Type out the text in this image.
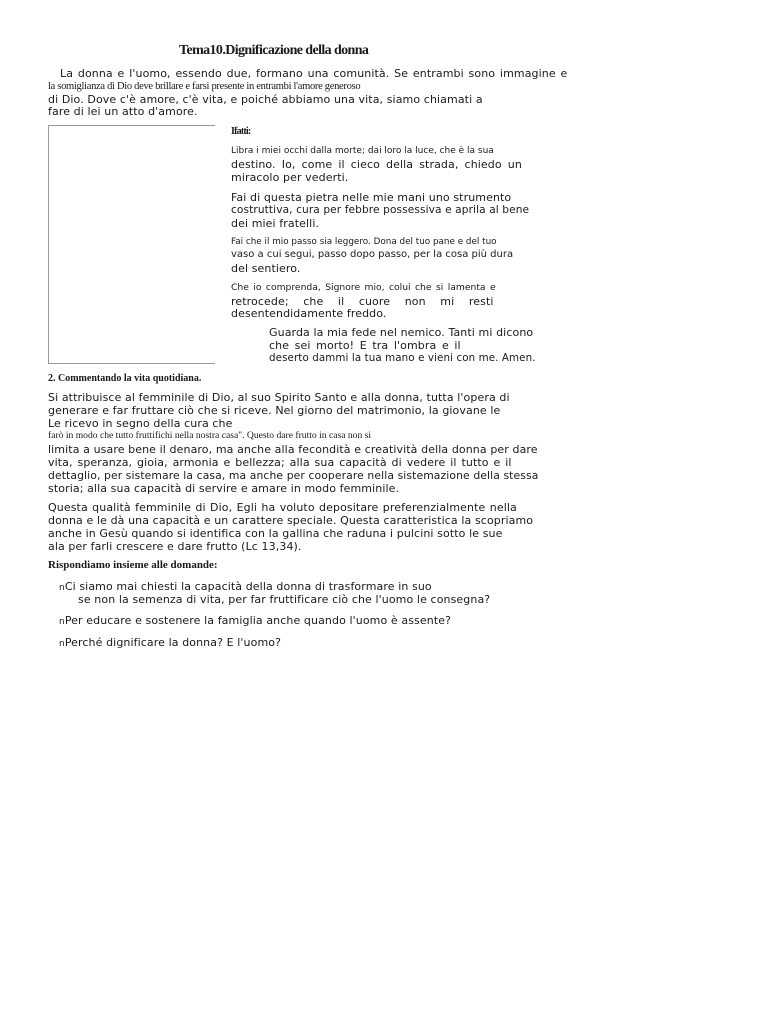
Tema10.Dignificazione della donna
La donna e l'uomo, essendo due, formano una comunità. Se entrambi sono immagine e
la somiglianza di Dio deve brillare e farsi presente in entrambi l'amore generoso
di Dio. Dove c'è amore, c'è vita, e poiché abbiamo una vita, siamo chiamati a
fare di lei un atto d'amore.
Ifatti:
Libra i miei occhi dalla morte; dai loro la luce, che è la sua
destino. Io, come il cieco della strada, chiedo un
miracolo per vederti.
Fai di questa pietra nelle mie mani uno strumento
costruttiva, cura per febbre possessiva e aprila al bene
dei miei fratelli.
Fai che il mio passo sia leggero. Dona del tuo pane e del tuo
vaso a cui segui, passo dopo passo, per la cosa più dura
del sentiero.
Che io comprenda, Signore mio, colui che si lamenta e
retrocede; che il cuore non mi resti
desentendidamente freddo.
Guarda la mia fede nel nemico. Tanti mi dicono
che sei morto! E tra l'ombra e il
deserto dammi la tua mano e vieni con me. Amen.
2. Commentando la vita quotidiana.
Si attribuisce al femminile di Dio, al suo Spirito Santo e alla donna, tutta l'opera di
generare e far fruttare ciò che si riceve. Nel giorno del matrimonio, la giovane le
Le ricevo in segno della cura che
farò in modo che tutto fruttifichi nella nostra casa". Questo dare frutto in casa non si
limita a usare bene il denaro, ma anche alla fecondità e creatività della donna per dare
vita, speranza, gioia, armonia e bellezza; alla sua capacità di vedere il tutto e il
dettaglio, per sistemare la casa, ma anche per cooperare nella sistemazione della stessa
storia; alla sua capacità di servire e amare in modo femminile.
Questa qualità femminile di Dio, Egli ha voluto depositare preferenzialmente nella
donna e le dà una capacità e un carattere speciale. Questa caratteristica la scopriamo
anche in Gesù quando si identifica con la gallina che raduna i pulcini sotto le sue
ala per farli crescere e dare frutto (Lc 13,34).
Rispondiamo insieme alle domande:
nCi siamo mai chiesti la capacità della donna di trasformare in suo
se non la semenza di vita, per far fruttificare ciò che l'uomo le consegna?
nPer educare e sostenere la famiglia anche quando l'uomo è assente?
nPerché dignificare la donna? E l'uomo?
